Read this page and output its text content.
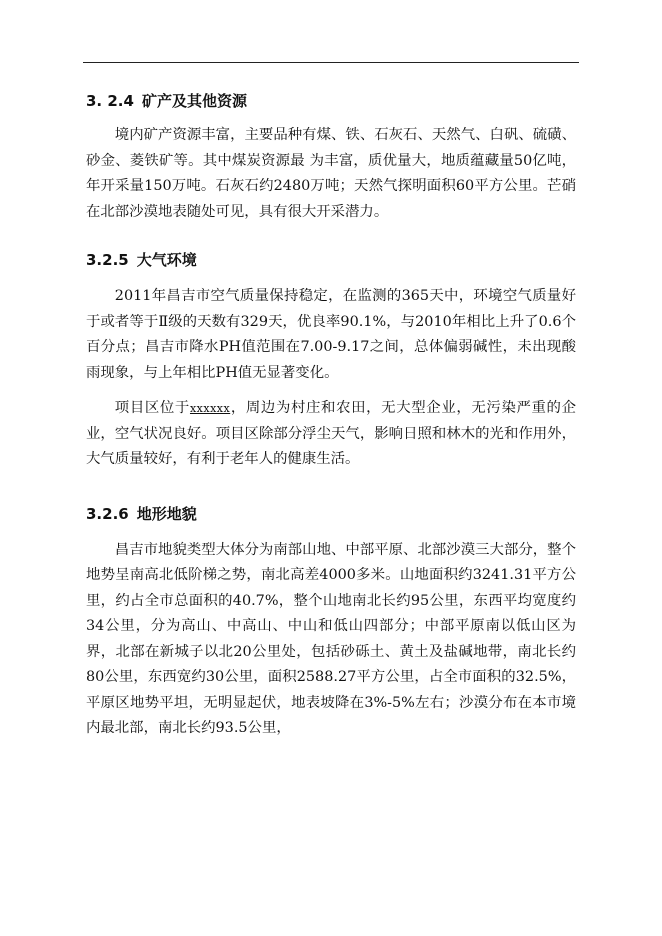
3. 2.4 矿产及其他资源

境内矿产资源丰富，主要品种有煤、铁、石灰石、天然气、白矾、硫磺、砂金、菱铁矿等。其中煤炭资源最 为丰富，质优量大，地质蕴藏量50亿吨，年开采量150万吨。石灰石约2480万吨；天然气探明面积60平方公里。芒硝在北部沙漠地表随处可见，具有很大开采潜力。

3.2.5 大气环境

2011年昌吉市空气质量保持稳定，在监测的365天中，环境空气质量好于或者等于Ⅱ级的天数有329天，优良率90.1%，与2010年相比上升了0.6个百分点；昌吉市降水PH值范围在7.00-9.17之间，总体偏弱碱性，未出现酸雨现象，与上年相比PH值无显著变化。

项目区位于xxxxxx，周边为村庄和农田，无大型企业，无污染严重的企业，空气状况良好。项目区除部分浮尘天气，影响日照和林木的光和作用外，大气质量较好，有利于老年人的健康生活。

3.2.6 地形地貌

昌吉市地貌类型大体分为南部山地、中部平原、北部沙漠三大部分，整个地势呈南高北低阶梯之势，南北高差4000多米。山地面积约3241.31平方公里，约占全市总面积的40.7%，整个山地南北长约95公里，东西平均宽度约34公里，分为高山、中高山、中山和低山四部分；中部平原南以低山区为界，北部在新城子以北20公里处，包括砂砾土、黄土及盐碱地带，南北长约80公里，东西宽约30公里，面积2588.27平方公里，占全市面积的32.5%，平原区地势平坦，无明显起伏，地表坡降在3%-5%左右；沙漠分布在本市境内最北部，南北长约93.5公里，
